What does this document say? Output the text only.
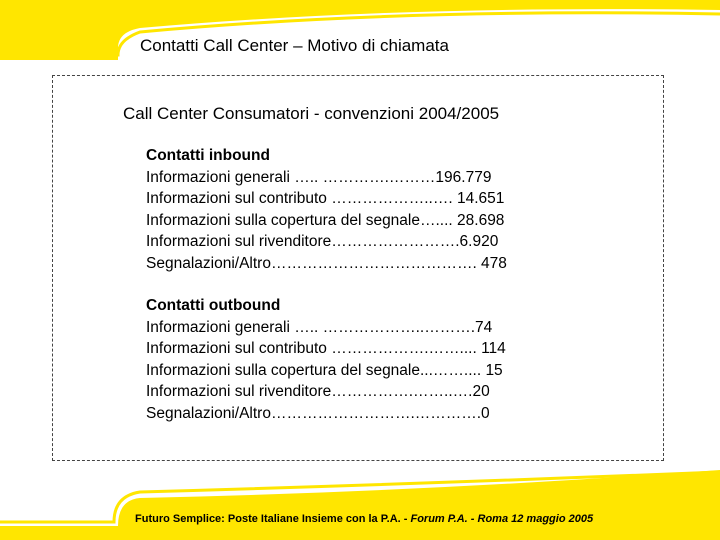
Contatti Call Center – Motivo di chiamata
Call Center Consumatori - convenzioni 2004/2005
Contatti inbound
Informazioni generali ….. ………….………196.779
Informazioni sul contributo ………………..…. 14.651
Informazioni sulla copertura del segnale….... 28.698
Informazioni sul rivenditore…………………….6.920
Segnalazioni/Altro…………………………………. 478
Contatti outbound
Informazioni generali ….. ………………..……….74
Informazioni sul contributo ……………….…….... 114
Informazioni sulla copertura del segnale...…….... 15
Informazioni sul rivenditore…………….……..….20
Segnalazioni/Altro……………………….………….0
Futuro Semplice: Poste Italiane Insieme con la P.A. - Forum P.A. - Roma 12 maggio 2005
